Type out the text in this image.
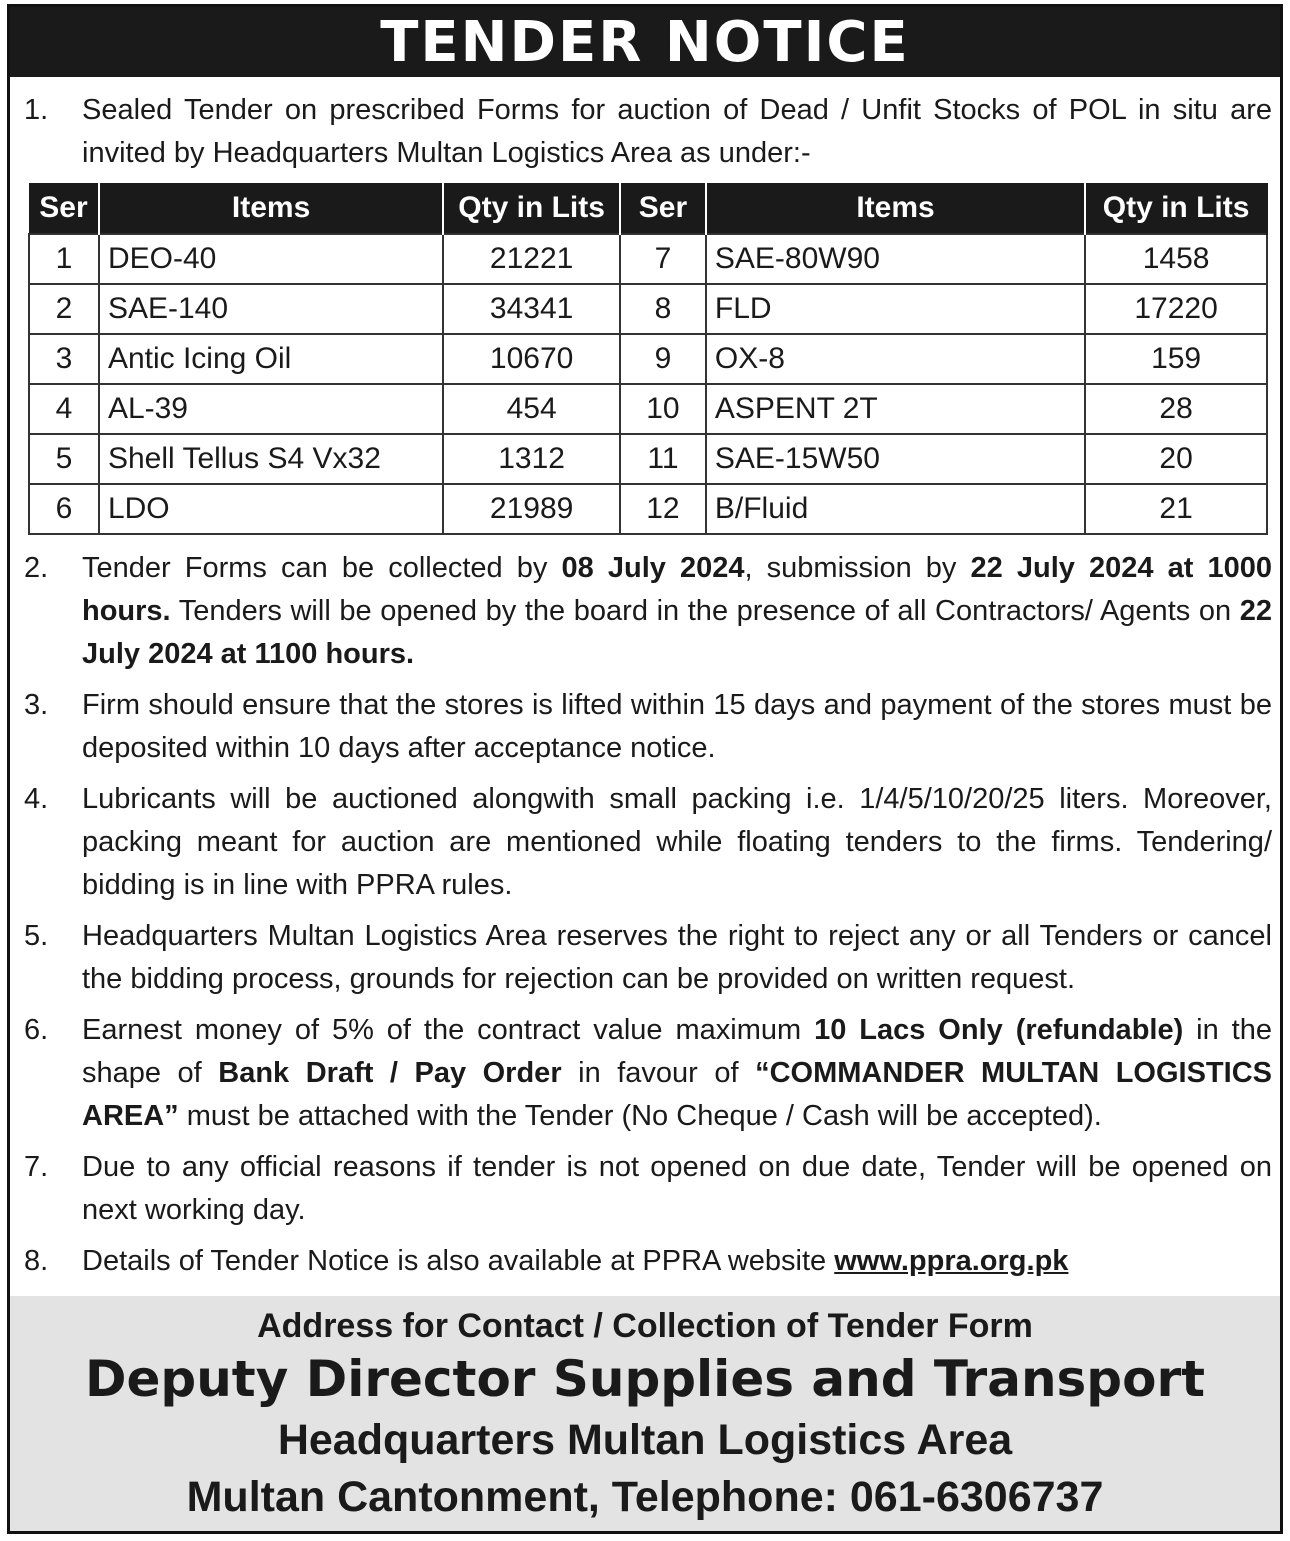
TENDER NOTICE
1. Sealed Tender on prescribed Forms for auction of Dead / Unfit Stocks of POL in situ are invited by Headquarters Multan Logistics Area as under:-
Ser	Items	Qty in Lits	Ser	Items	Qty in Lits
1	DEO-40	21221	7	SAE-80W90	1458
2	SAE-140	34341	8	FLD	17220
3	Antic Icing Oil	10670	9	OX-8	159
4	AL-39	454	10	ASPENT 2T	28
5	Shell Tellus S4 Vx32	1312	11	SAE-15W50	20
6	LDO	21989	12	B/Fluid	21
2. Tender Forms can be collected by 08 July 2024, submission by 22 July 2024 at 1000 hours. Tenders will be opened by the board in the presence of all Contractors/ Agents on 22 July 2024 at 1100 hours.
3. Firm should ensure that the stores is lifted within 15 days and payment of the stores must be deposited within 10 days after acceptance notice.
4. Lubricants will be auctioned alongwith small packing i.e. 1/4/5/10/20/25 liters. Moreover, packing meant for auction are mentioned while floating tenders to the firms. Tendering/ bidding is in line with PPRA rules.
5. Headquarters Multan Logistics Area reserves the right to reject any or all Tenders or cancel the bidding process, grounds for rejection can be provided on written request.
6. Earnest money of 5% of the contract value maximum 10 Lacs Only (refundable) in the shape of Bank Draft / Pay Order in favour of “COMMANDER MULTAN LOGISTICS AREA” must be attached with the Tender (No Cheque / Cash will be accepted).
7. Due to any official reasons if tender is not opened on due date, Tender will be opened on next working day.
8. Details of Tender Notice is also available at PPRA website www.ppra.org.pk
Address for Contact / Collection of Tender Form
Deputy Director Supplies and Transport
Headquarters Multan Logistics Area
Multan Cantonment, Telephone: 061-6306737
